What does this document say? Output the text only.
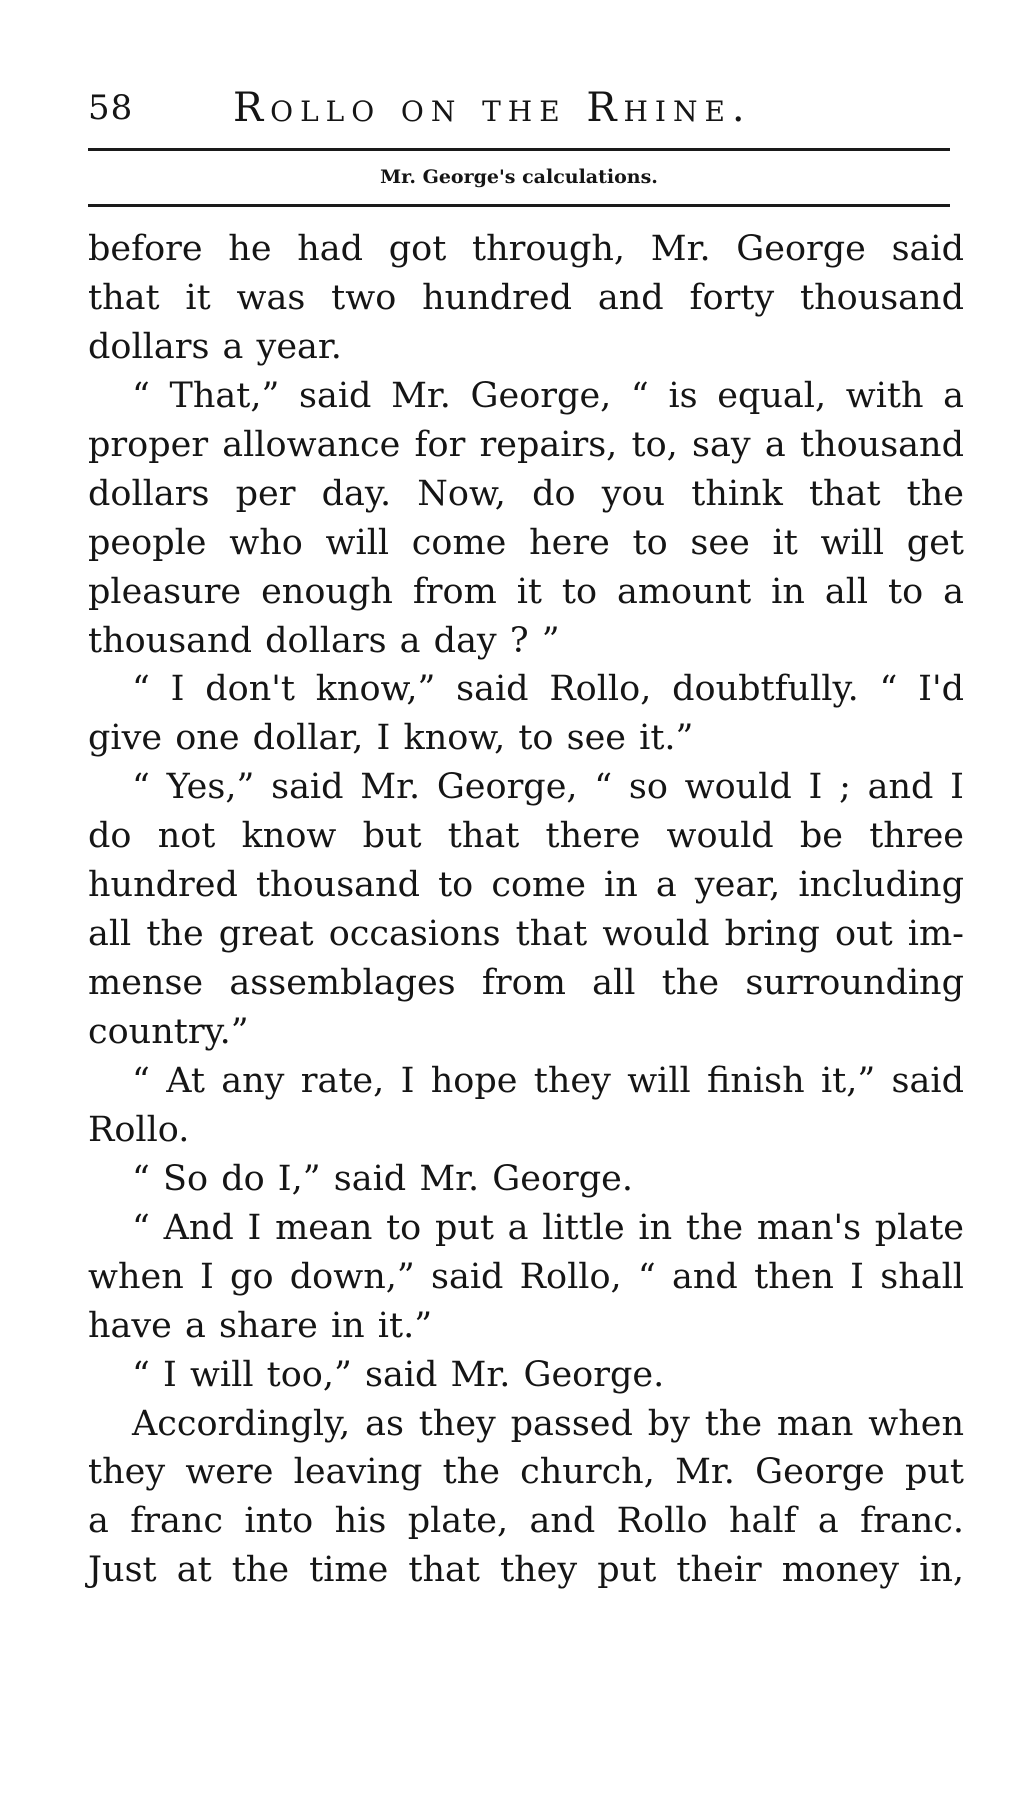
58 Rollo on the Rhine.
Mr. George's calculations.
before he had got through, Mr. George said
that it was two hundred and forty thousand
dollars a year.
“ That,” said Mr. George, “ is equal, with a
proper allowance for repairs, to, say a thousand
dollars per day. Now, do you think that the
people who will come here to see it will get
pleasure enough from it to amount in all to a
thousand dollars a day ? ”
“ I don't know,” said Rollo, doubtfully. “ I'd
give one dollar, I know, to see it.”
“ Yes,” said Mr. George, “ so would I ; and I
do not know but that there would be three
hundred thousand to come in a year, including
all the great occasions that would bring out im-
mense assemblages from all the surrounding
country.”
“ At any rate, I hope they will finish it,” said
Rollo.
“ So do I,” said Mr. George.
“ And I mean to put a little in the man's plate
when I go down,” said Rollo, “ and then I shall
have a share in it.”
“ I will too,” said Mr. George.
Accordingly, as they passed by the man when
they were leaving the church, Mr. George put
a franc into his plate, and Rollo half a franc.
Just at the time that they put their money in,
